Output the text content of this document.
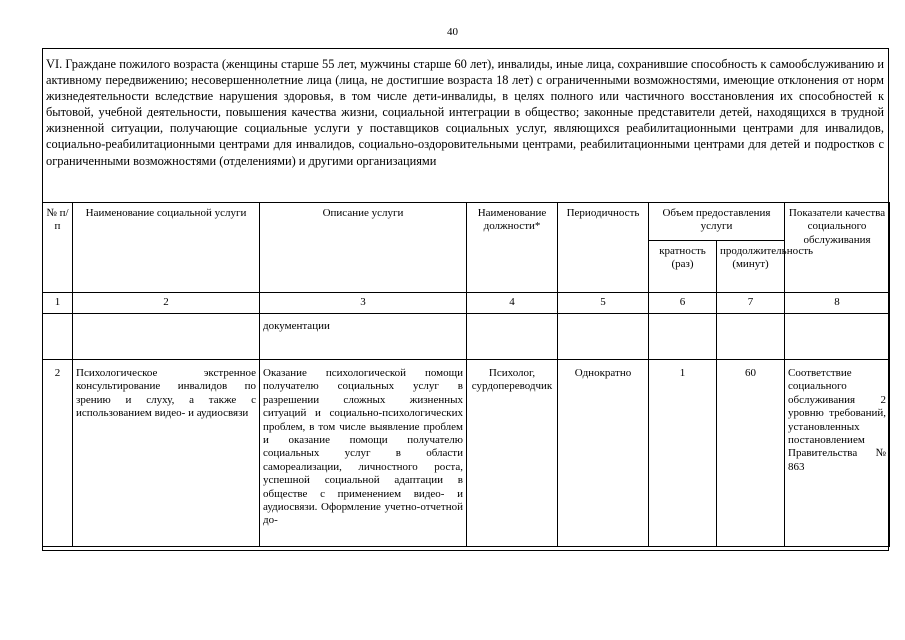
40
VI. Граждане пожилого возраста (женщины старше 55 лет, мужчины старше 60 лет), инвалиды, иные лица, сохранившие способность к самообслуживанию и активному передвижению; несовершеннолетние лица (лица, не достигшие возраста 18 лет) с ограниченными возможностями, имеющие отклонения от норм жизнедеятельности вследствие нарушения здоровья, в том числе дети-инвалиды, в целях полного или частичного восстановления их способностей к бытовой, учебной деятельности, повышения качества жизни, социальной интеграции в общество; законные представители детей, находящихся в трудной жизненной ситуации, получающие социальные услуги у поставщиков социальных услуг, являющихся реабилитационными центрами для инвалидов, социально-реабилитационными центрами для инвалидов, социально-оздоровительными центрами, реабилитационными центрами для детей и подростков с ограниченными возможностями (отделениями) и другими организациями
№ п/п	Наименование социальной услуги	Описание услуги	Наименование должности*	Периодичность	Объем предоставления услуги		Показатели качества социального обслуживания
					кратность (раз)	продолжительность (минут)	
1	2	3	4	5	6	7	8
		документации					
2	Психологическое экстренное консультирование инвалидов по зрению и слуху, а также с использованием видео- и аудиосвязи	Оказание психологической помощи получателю социальных услуг в разрешении сложных жизненных ситуаций и социально-психологических проблем, в том числе выявление проблем и оказание помощи получателю социальных услуг в области самореализации, личностного роста, успешной социальной адаптации в обществе с применением видео- и аудиосвязи. Оформление учетно-отчетной до-	Психолог, сурдопереводчик	Однократно	1	60	Соответствие социального обслуживания 2 уровню требований, установленных постановлением Правительства № 863
